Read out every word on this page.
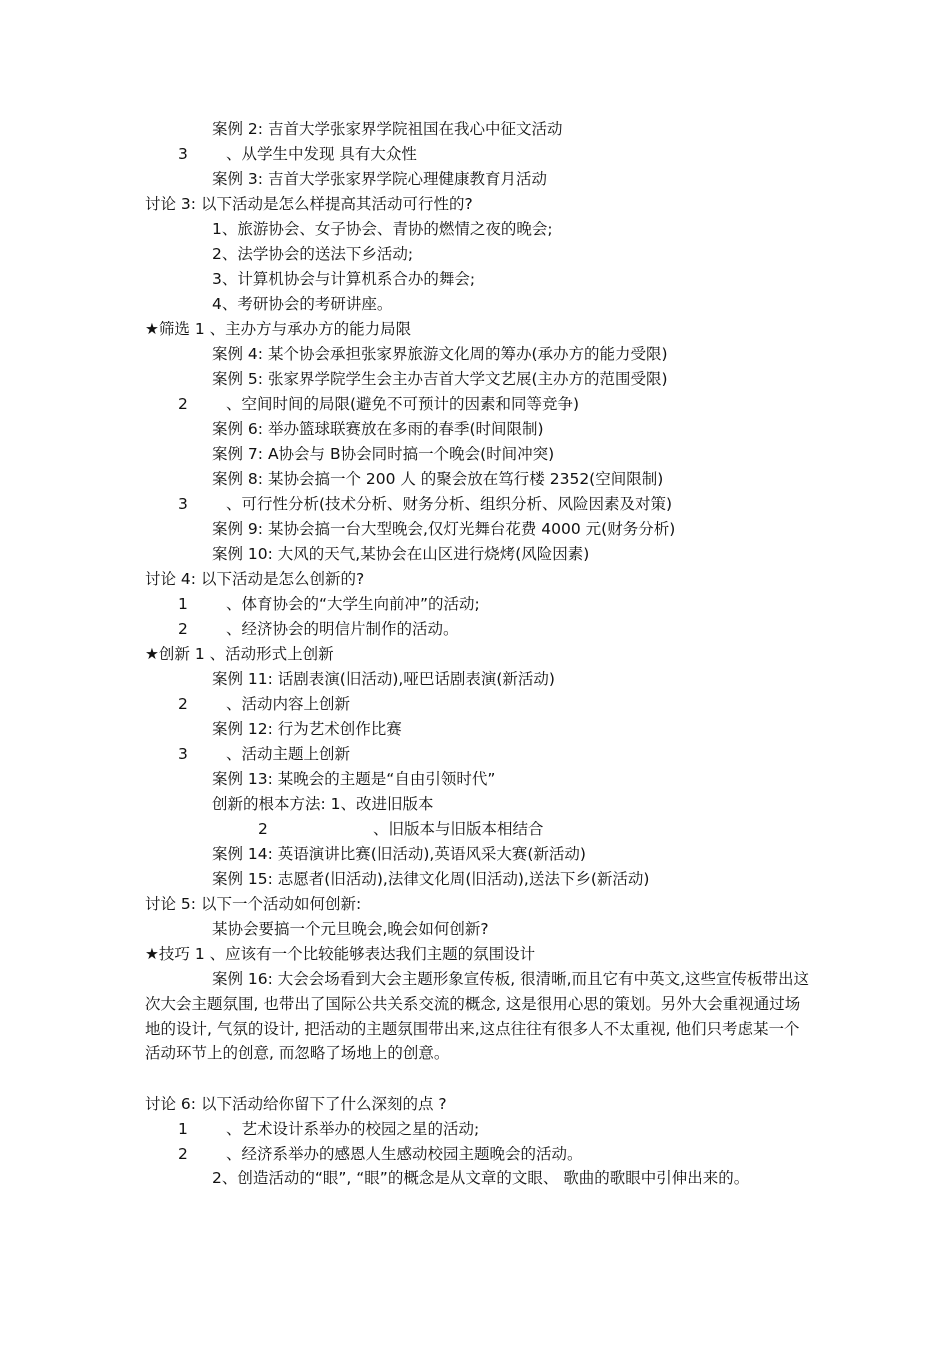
案例 2: 吉首大学张家界学院祖国在我心中征文活动
3 、从学生中发现 具有大众性
案例 3: 吉首大学张家界学院心理健康教育月活动
讨论 3: 以下活动是怎么样提高其活动可行性的?
1、旅游协会、女子协会、青协的燃情之夜的晚会;
2、法学协会的送法下乡活动;
3、计算机协会与计算机系合办的舞会;
4、考研协会的考研讲座。
★筛选 1 、主办方与承办方的能力局限
案例 4: 某个协会承担张家界旅游文化周的筹办(承办方的能力受限)
案例 5: 张家界学院学生会主办吉首大学文艺展(主办方的范围受限)
2 、空间时间的局限(避免不可预计的因素和同等竞争)
案例 6: 举办篮球联赛放在多雨的春季(时间限制)
案例 7: A协会与 B协会同时搞一个晚会(时间冲突)
案例 8: 某协会搞一个 200 人 的聚会放在笃行楼 2352(空间限制)
3 、可行性分析(技术分析、财务分析、组织分析、风险因素及对策)
案例 9: 某协会搞一台大型晚会,仅灯光舞台花费 4000 元(财务分析)
案例 10: 大风的天气,某协会在山区进行烧烤(风险因素)
讨论 4: 以下活动是怎么创新的?
1 、体育协会的“大学生向前冲”的活动;
2 、经济协会的明信片制作的活动。
★创新 1 、活动形式上创新
案例 11: 话剧表演(旧活动),哑巴话剧表演(新活动)
2 、活动内容上创新
案例 12: 行为艺术创作比赛
3 、活动主题上创新
案例 13: 某晚会的主题是“自由引领时代”
创新的根本方法: 1、改进旧版本
2	、旧版本与旧版本相结合
案例 14: 英语演讲比赛(旧活动),英语风采大赛(新活动)
案例 15: 志愿者(旧活动),法律文化周(旧活动),送法下乡(新活动)
讨论 5: 以下一个活动如何创新:
某协会要搞一个元旦晚会,晚会如何创新?
★技巧 1 、应该有一个比较能够表达我们主题的氛围设计
案例 16: 大会会场看到大会主题形象宣传板, 很清晰,而且它有中英文,这些宣传板带出这次大会主题氛围, 也带出了国际公共关系交流的概念, 这是很用心思的策划。另外大会重视通过场地的设计, 气氛的设计, 把活动的主题氛围带出来,这点往往有很多人不太重视, 他们只考虑某一个活动环节上的创意, 而忽略了场地上的创意。
讨论 6: 以下活动给你留下了什么深刻的点 ?
1 、艺术设计系举办的校园之星的活动;
2 、经济系举办的感恩人生感动校园主题晚会的活动。
2、创造活动的“眼”, “眼”的概念是从文章的文眼、 歌曲的歌眼中引伸出来的。
